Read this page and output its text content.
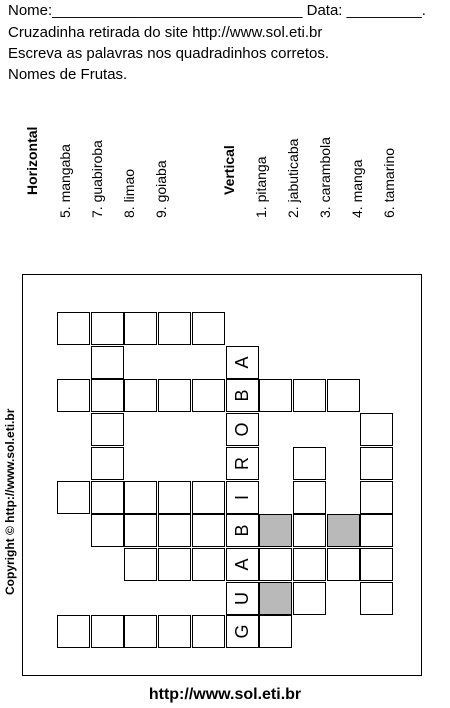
Nome:______________________________ Data: _________.
Cruzadinha retirada do site http://www.sol.eti.br
Escreva as palavras nos quadradinhos corretos.
Nomes de Frutas.
Horizontal 5. mangaba 7. guabiroba 8. limao 9. goiaba	Vertical 1. pitanga 2. jabuticaba 3. carambola 4. manga 6. tamarino
G
U
A
B
I
R
O
B
A
Copyright © http://www.sol.eti.br
http://www.sol.eti.br
